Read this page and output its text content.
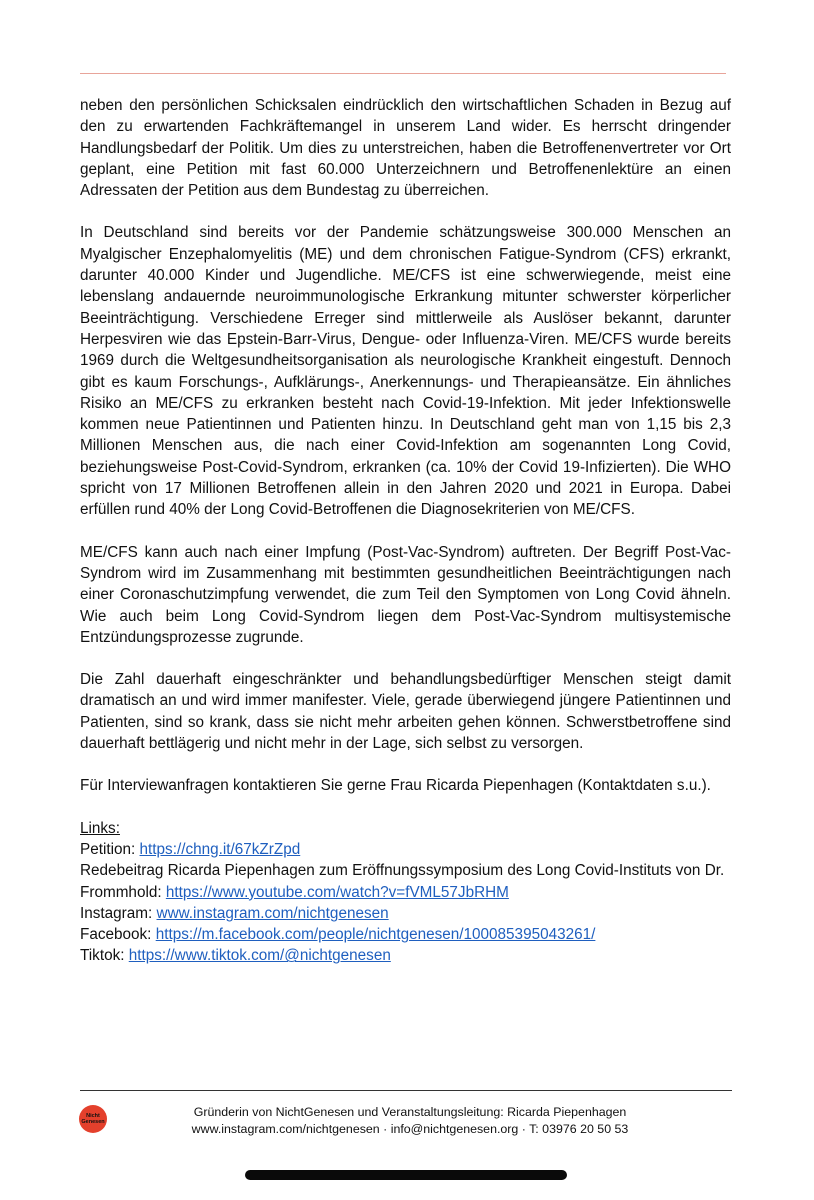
neben den persönlichen Schicksalen eindrücklich den wirtschaftlichen Schaden in Bezug auf den zu erwartenden Fachkräftemangel in unserem Land wider. Es herrscht dringender Handlungsbedarf der Politik. Um dies zu unterstreichen, haben die Betroffenenvertreter vor Ort geplant, eine Petition mit fast 60.000 Unterzeichnern und Betroffenenlektüre an einen Adressaten der Petition aus dem Bundestag zu überreichen.

In Deutschland sind bereits vor der Pandemie schätzungsweise 300.000 Menschen an Myalgischer Enzephalomyelitis (ME) und dem chronischen Fatigue-Syndrom (CFS) erkrankt, darunter 40.000 Kinder und Jugendliche. ME/CFS ist eine schwerwiegende, meist eine lebenslang andauernde neuroimmunologische Erkrankung mitunter schwerster körperlicher Beeinträchtigung. Verschiedene Erreger sind mittlerweile als Auslöser bekannt, darunter Herpesviren wie das Epstein-Barr-Virus, Dengue- oder Influenza-Viren. ME/CFS wurde bereits 1969 durch die Weltgesundheitsorganisation als neurologische Krankheit eingestuft. Dennoch gibt es kaum Forschungs-, Aufklärungs-, Anerkennungs- und Therapieansätze. Ein ähnliches Risiko an ME/CFS zu erkranken besteht nach Covid-19-Infektion. Mit jeder Infektionswelle kommen neue Patientinnen und Patienten hinzu. In Deutschland geht man von 1,15 bis 2,3 Millionen Menschen aus, die nach einer Covid-Infektion am sogenannten Long Covid, beziehungsweise Post-Covid-Syndrom, erkranken (ca. 10% der Covid 19-Infizierten). Die WHO spricht von 17 Millionen Betroffenen allein in den Jahren 2020 und 2021 in Europa. Dabei erfüllen rund 40% der Long Covid-Betroffenen die Diagnosekriterien von ME/CFS.

ME/CFS kann auch nach einer Impfung (Post-Vac-Syndrom) auftreten. Der Begriff Post-Vac-Syndrom wird im Zusammenhang mit bestimmten gesundheitlichen Beeinträchtigungen nach einer Coronaschutzimpfung verwendet, die zum Teil den Symptomen von Long Covid ähneln. Wie auch beim Long Covid-Syndrom liegen dem Post-Vac-Syndrom multisystemische Entzündungsprozesse zugrunde.

Die Zahl dauerhaft eingeschränkter und behandlungsbedürftiger Menschen steigt damit dramatisch an und wird immer manifester. Viele, gerade überwiegend jüngere Patientinnen und Patienten, sind so krank, dass sie nicht mehr arbeiten gehen können. Schwerstbetroffene sind dauerhaft bettlägerig und nicht mehr in der Lage, sich selbst zu versorgen.

Für Interviewanfragen kontaktieren Sie gerne Frau Ricarda Piepenhagen (Kontaktdaten s.u.).

Links:

Petition: https://chng.it/67kZrZpd

Redebeitrag Ricarda Piepenhagen zum Eröffnungssymposium des Long Covid-Instituts von Dr. Frommhold: https://www.youtube.com/watch?v=fVML57JbRHM

Instagram: www.instagram.com/nichtgenesen

Facebook: https://m.facebook.com/people/nichtgenesen/100085395043261/

Tiktok: https://www.tiktok.com/@nichtgenesen

Nicht
Genesen
Gründerin von NichtGenesen und Veranstaltungsleitung: Ricarda Piepenhagen
www.instagram.com/nichtgenesen · info@nichtgenesen.org · T: 03976 20 50 53
